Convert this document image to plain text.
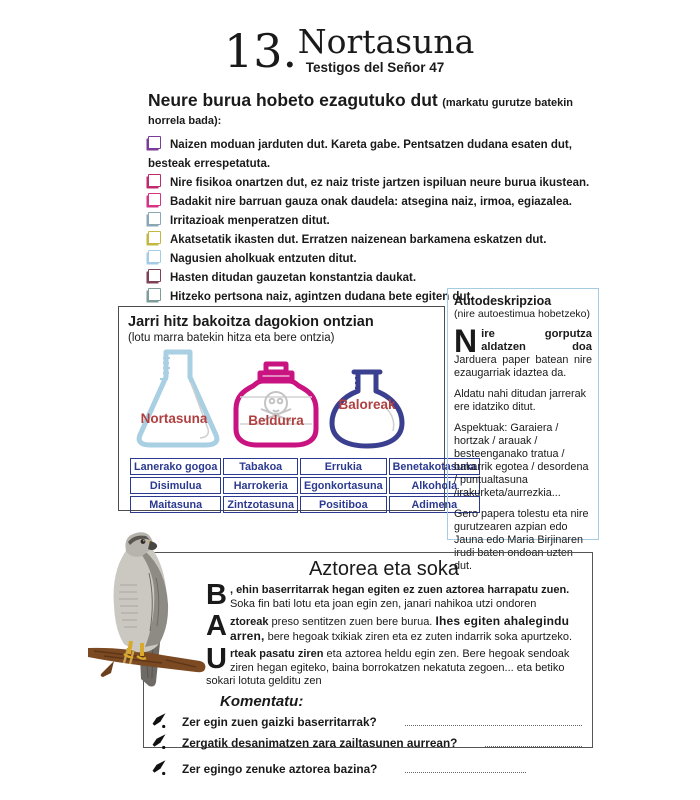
13. Nortasuna
Testigos del Señor 47
Neure burua hobeto ezagutuko dut (markatu gurutze batekin horrela bada):
Naizen moduan jarduten dut. Kareta gabe. Pentsatzen dudana esaten dut, besteak errespetatuta.
Nire fisikoa onartzen dut, ez naiz triste jartzen ispiluan neure burua ikustean.
Badakit nire barruan gauza onak daudela: atsegina naiz, irmoa, egiazalea.
Irritazioak menperatzen ditut.
Akatsetatik ikasten dut. Erratzen naizenean barkamena eskatzen dut.
Nagusien aholkuak entzuten ditut.
Hasten ditudan gauzetan konstantzia daukat.
Hitzeko pertsona naiz, agintzen dudana bete egiten dut.
Jarri hitz bakoitza dagokion ontzian
(lotu marra batekin hitza eta bere ontzia)
Nortasuna	Beldurra
Baloreak
Lanerako gogoa	Tabakoa	Errukia	Benetakotasuna
Disimulua	Harrokeria	Egonkortasuna	Alkohola
Maitasuna	Zintzotasuna	Positiboa	Adimena
Autodeskripzioa
(nire autoestimua hobetzeko)
Nire gorputza aldatzen doa Jarduera paper batean nire ezaugarriak idaztea da.
Aldatu nahi ditudan jarrerak ere idatziko ditut.
Aspektuak: Garaiera / hortzak / arauak / besteenganako tratua / bakarrik egotea / desordena / puntualtasuna /irakurketa/aurrezkia...
Gero papera tolestu eta nire gurutzearen azpian edo Jauna edo Maria Birjinaren irudi baten ondoan uzten dut.
Aztorea eta soka
B , ehin baserritarrak hegan egiten ez zuen aztorea harrapatu zuen. Soka fin bati lotu eta joan egin zen, janari nahikoa utzi ondoren
Aztoreak preso sentitzen zuen bere burua. Ihes egiten ahalegindu arren, bere hegoak txikiak ziren eta ez zuten indarrik soka apurtzeko.
Urteak pasatu ziren eta aztorea heldu egin zen. Bere hegoak sendoak ziren hegan egiteko, baina borrokatzen nekatuta zegoen... eta betiko sokari lotuta gelditu zen
Komentatu:
Zer egin zuen gaizki baserritarrak?
Zergatik desanimatzen zara zailtasunen aurrean?
Zer egingo zenuke aztorea bazina?
